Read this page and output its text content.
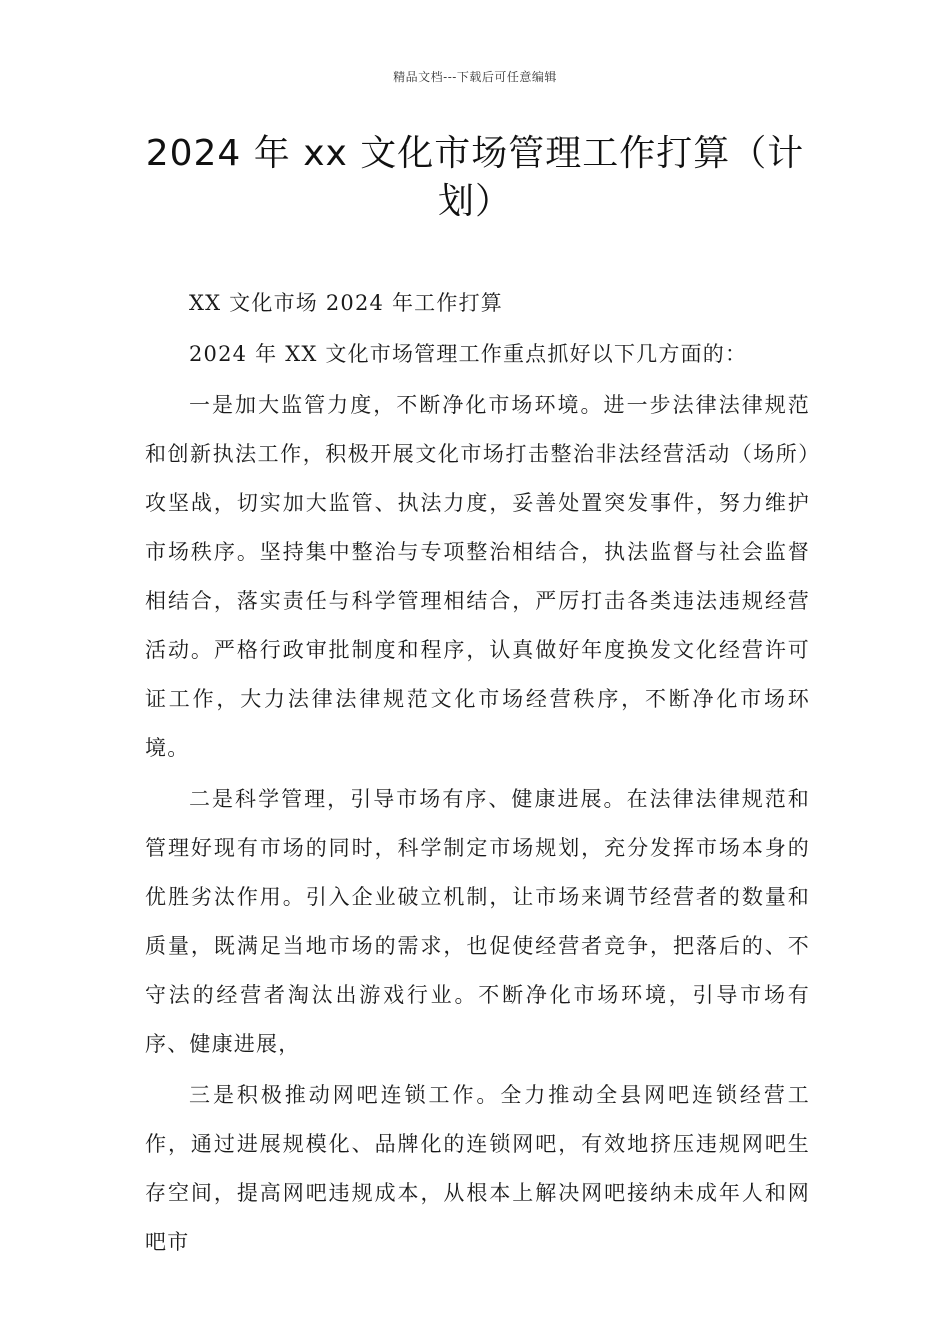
精品文档---下载后可任意编辑
2024 年 xx 文化市场管理工作打算（计划）

XX 文化市场 2024 年工作打算

2024 年 XX 文化市场管理工作重点抓好以下几方面的：

一是加大监管力度，不断净化市场环境。进一步法律法律规范和创新执法工作，积极开展文化市场打击整治非法经营活动（场所）攻坚战，切实加大监管、执法力度，妥善处置突发事件，努力维护市场秩序。坚持集中整治与专项整治相结合，执法监督与社会监督相结合，落实责任与科学管理相结合，严厉打击各类违法违规经营活动。严格行政审批制度和程序，认真做好年度换发文化经营许可证工作，大力法律法律规范文化市场经营秩序，不断净化市场环境。

二是科学管理，引导市场有序、健康进展。在法律法律规范和管理好现有市场的同时，科学制定市场规划，充分发挥市场本身的优胜劣汰作用。引入企业破立机制，让市场来调节经营者的数量和质量，既满足当地市场的需求，也促使经营者竞争，把落后的、不守法的经营者淘汰出游戏行业。不断净化市场环境，引导市场有序、健康进展，

三是积极推动网吧连锁工作。全力推动全县网吧连锁经营工作，通过进展规模化、品牌化的连锁网吧，有效地挤压违规网吧生存空间，提高网吧违规成本，从根本上解决网吧接纳未成年人和网吧市
